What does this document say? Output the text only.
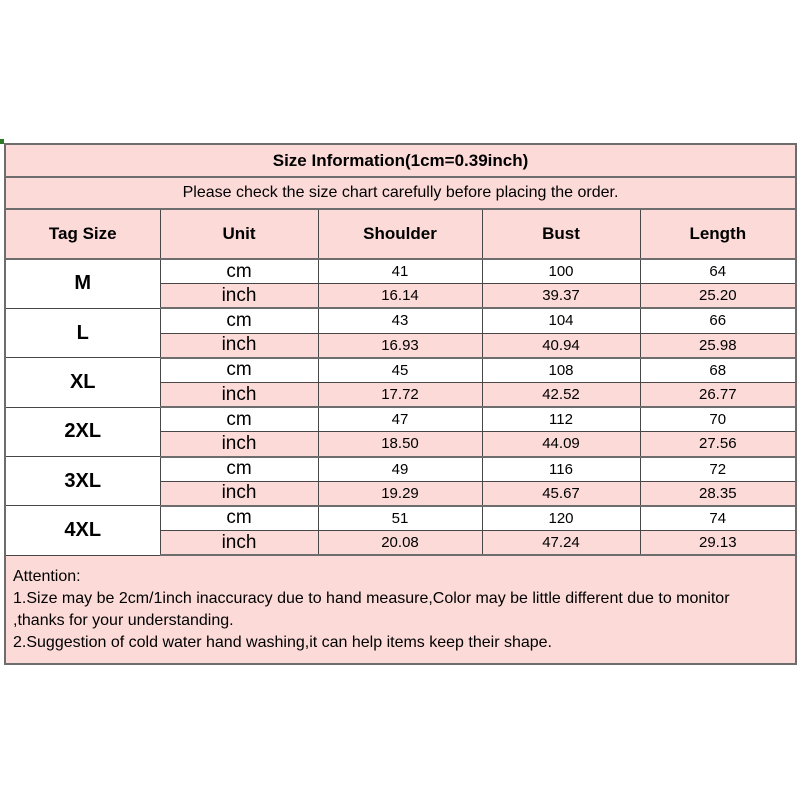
Size Information(1cm=0.39inch)				
Please check the size chart carefully before placing the order.				
Tag Size	Unit	Shoulder	Bust	Length
M	cm	41	100	64
	inch	16.14	39.37	25.20
L	cm	43	104	66
	inch	16.93	40.94	25.98
XL	cm	45	108	68
	inch	17.72	42.52	26.77
2XL	cm	47	112	70
	inch	18.50	44.09	27.56
3XL	cm	49	116	72
	inch	19.29	45.67	28.35
4XL	cm	51	120	74
	inch	20.08	47.24	29.13

Attention:
1.Size may be 2cm/1inch inaccuracy due to hand measure,Color may be little different due to monitor
,thanks for your understanding.
2.Suggestion of cold water hand washing,it can help items keep their shape.				
